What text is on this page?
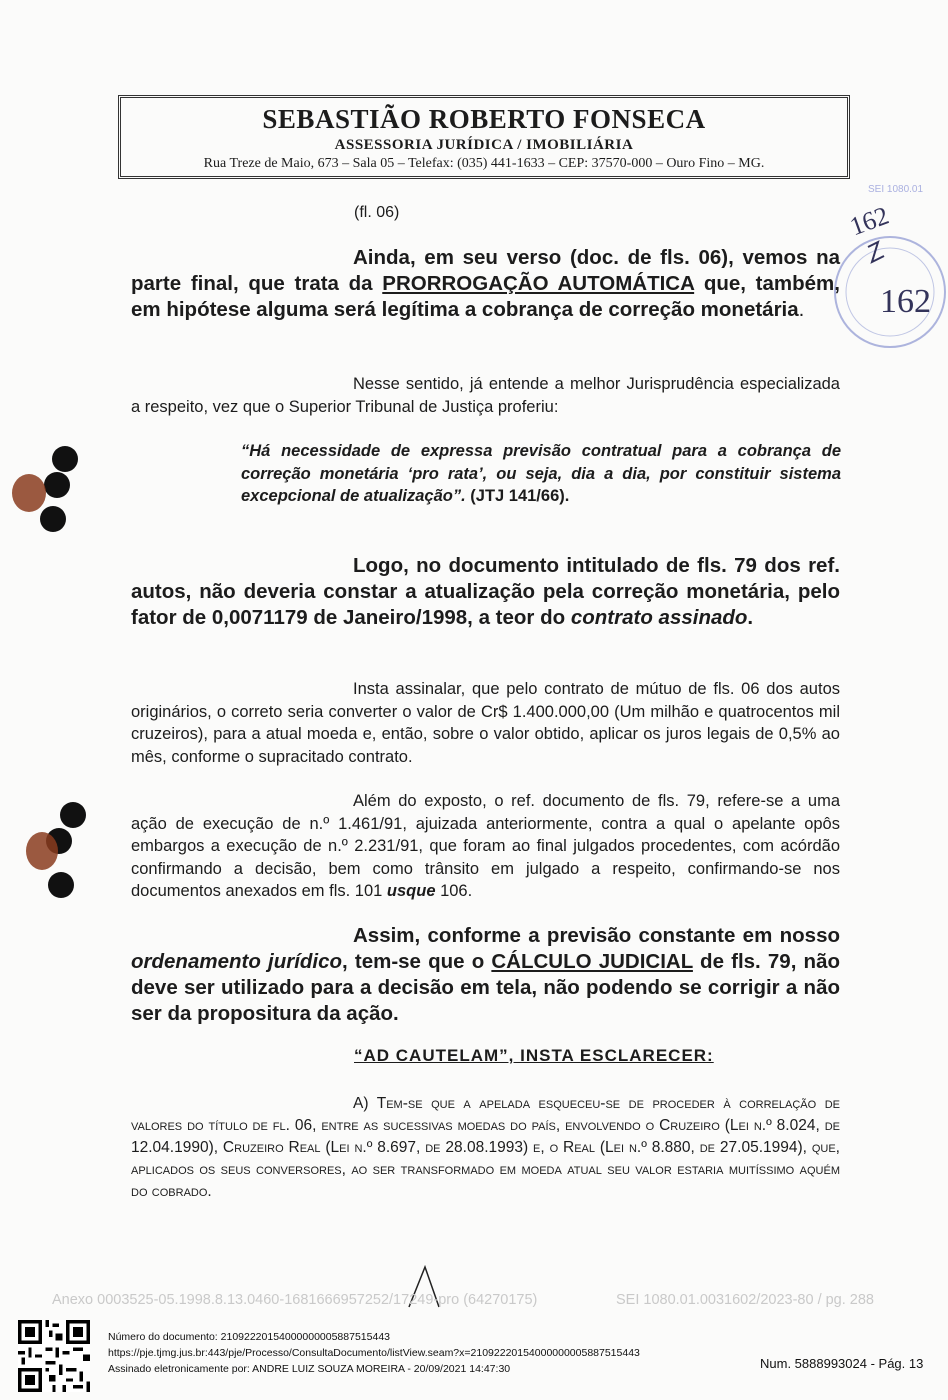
SEBASTIÃO ROBERTO FONSECA
ASSESSORIA JURÍDICA / IMOBILIÁRIA
Rua Treze de Maio, 673 – Sala 05 – Telefax: (035) 441-1633 – CEP: 37570-000 – Ouro Fino – MG.
(fl. 06)
SEI 1080.01
162
162
Ainda, em seu verso (doc. de fls. 06), vemos na parte final, que trata da PRORROGAÇÃO AUTOMÁTICA que, também, em hipótese alguma será legítima a cobrança de correção monetária.
Nesse sentido, já entende a melhor Jurisprudência especializada a respeito, vez que o Superior Tribunal de Justiça proferiu:
“Há necessidade de expressa previsão contratual para a cobrança de correção monetária ‘pro rata’, ou seja, dia a dia, por constituir sistema excepcional de atualização”. (JTJ 141/66).
Logo, no documento intitulado de fls. 79 dos ref. autos, não deveria constar a atualização pela correção monetária, pelo fator de 0,0071179 de Janeiro/1998, a teor do contrato assinado.
Insta assinalar, que pelo contrato de mútuo de fls. 06 dos autos originários, o correto seria converter o valor de Cr$ 1.400.000,00 (Um milhão e quatrocentos mil cruzeiros), para a atual moeda e, então, sobre o valor obtido, aplicar os juros legais de 0,5% ao mês, conforme o supracitado contrato.
Além do exposto, o ref. documento de fls. 79, refere-se a uma ação de execução de n.º 1.461/91, ajuizada anteriormente, contra a qual o apelante opôs embargos a execução de n.º 2.231/91, que foram ao final julgados procedentes, com acórdão confirmando a decisão, bem como trânsito em julgado a respeito, confirmando-se nos documentos anexados em fls. 101 usque 106.
Assim, conforme a previsão constante em nosso ordenamento jurídico, tem-se que o CÁLCULO JUDICIAL de fls. 79, não deve ser utilizado para a decisão em tela, não podendo se corrigir a não ser da propositura da ação.
“AD CAUTELAM”, INSTA ESCLARECER:
A) Tem-se que a apelada esqueceu-se de proceder à correlação de valores do título de fl. 06, entre as sucessivas moedas do país, envolvendo o Cruzeiro (Lei n.º 8.024, de 12.04.1990), Cruzeiro Real (Lei n.º 8.697, de 28.08.1993) e, o Real (Lei n.º 8.880, de 27.05.1994), que, aplicados os seus conversores, ao ser transformado em moeda atual seu valor estaria muitíssimo aquém do cobrado.
Anexo 0003525-05.1998.8.13.0460-1681666957252/17249-pro (64270175)	SEI 1080.01.0031602/2023-80 / pg. 288
Número do documento: 21092220154000000005887515443
https://pje.tjmg.jus.br:443/pje/Processo/ConsultaDocumento/listView.seam?x=21092220154000000005887515443
Assinado eletronicamente por: ANDRE LUIZ SOUZA MOREIRA - 20/09/2021 14:47:30	Num. 5888993024 - Pág. 13
